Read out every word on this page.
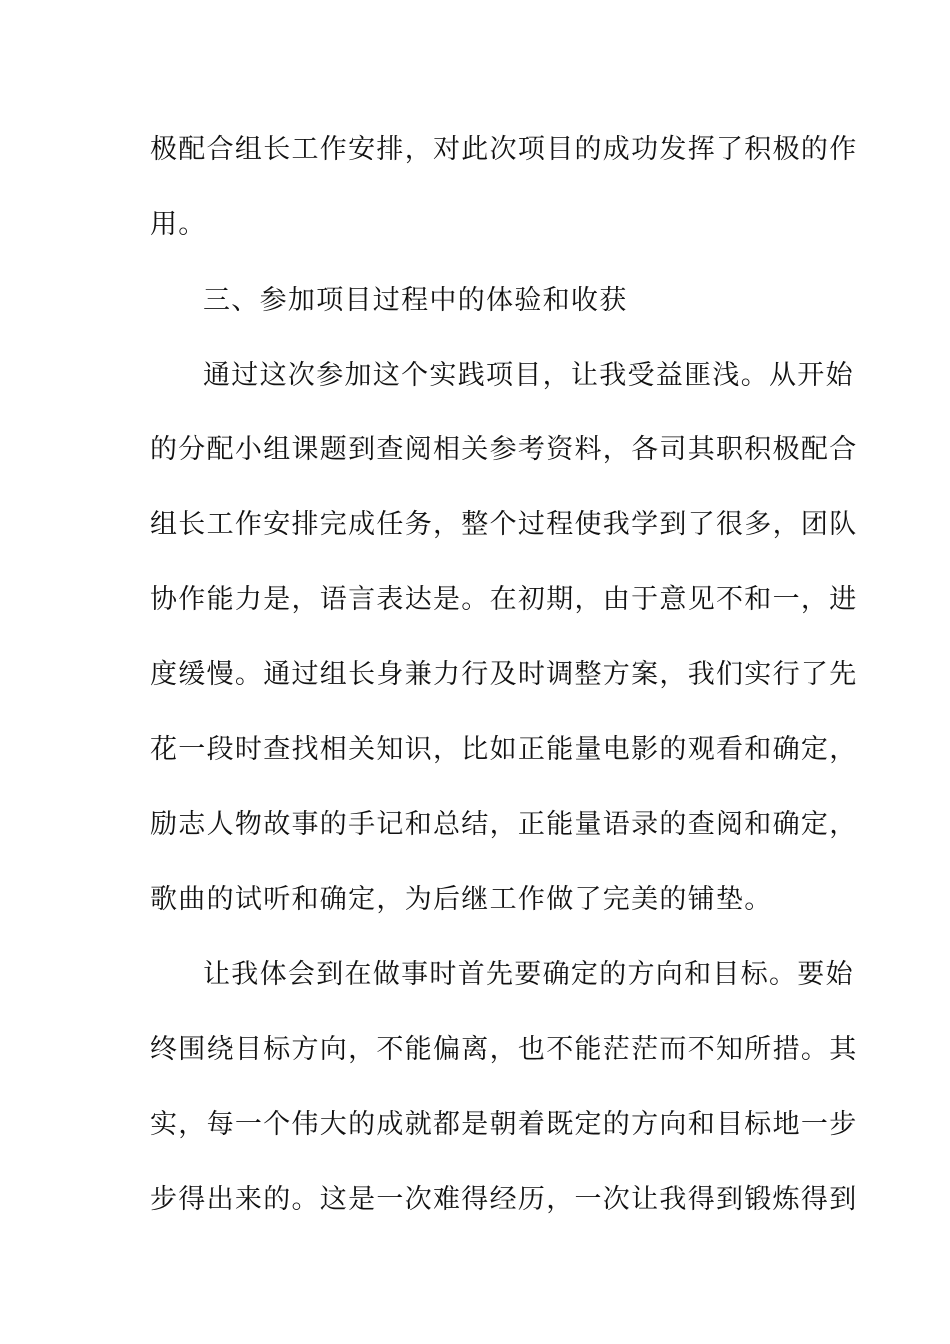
极配合组长工作安排，对此次项目的成功发挥了积极的作
用。
三、参加项目过程中的体验和收获
通过这次参加这个实践项目，让我受益匪浅。从开始
的分配小组课题到查阅相关参考资料，各司其职积极配合
组长工作安排完成任务，整个过程使我学到了很多，团队
协作能力是，语言表达是。在初期，由于意见不和一，进
度缓慢。通过组长身兼力行及时调整方案，我们实行了先
花一段时查找相关知识，比如正能量电影的观看和确定，
励志人物故事的手记和总结，正能量语录的查阅和确定，
歌曲的试听和确定，为后继工作做了完美的铺垫。
让我体会到在做事时首先要确定的方向和目标。要始
终围绕目标方向，不能偏离，也不能茫茫而不知所措。其
实，每一个伟大的成就都是朝着既定的方向和目标地一步
步得出来的。这是一次难得经历，一次让我得到锻炼得到
